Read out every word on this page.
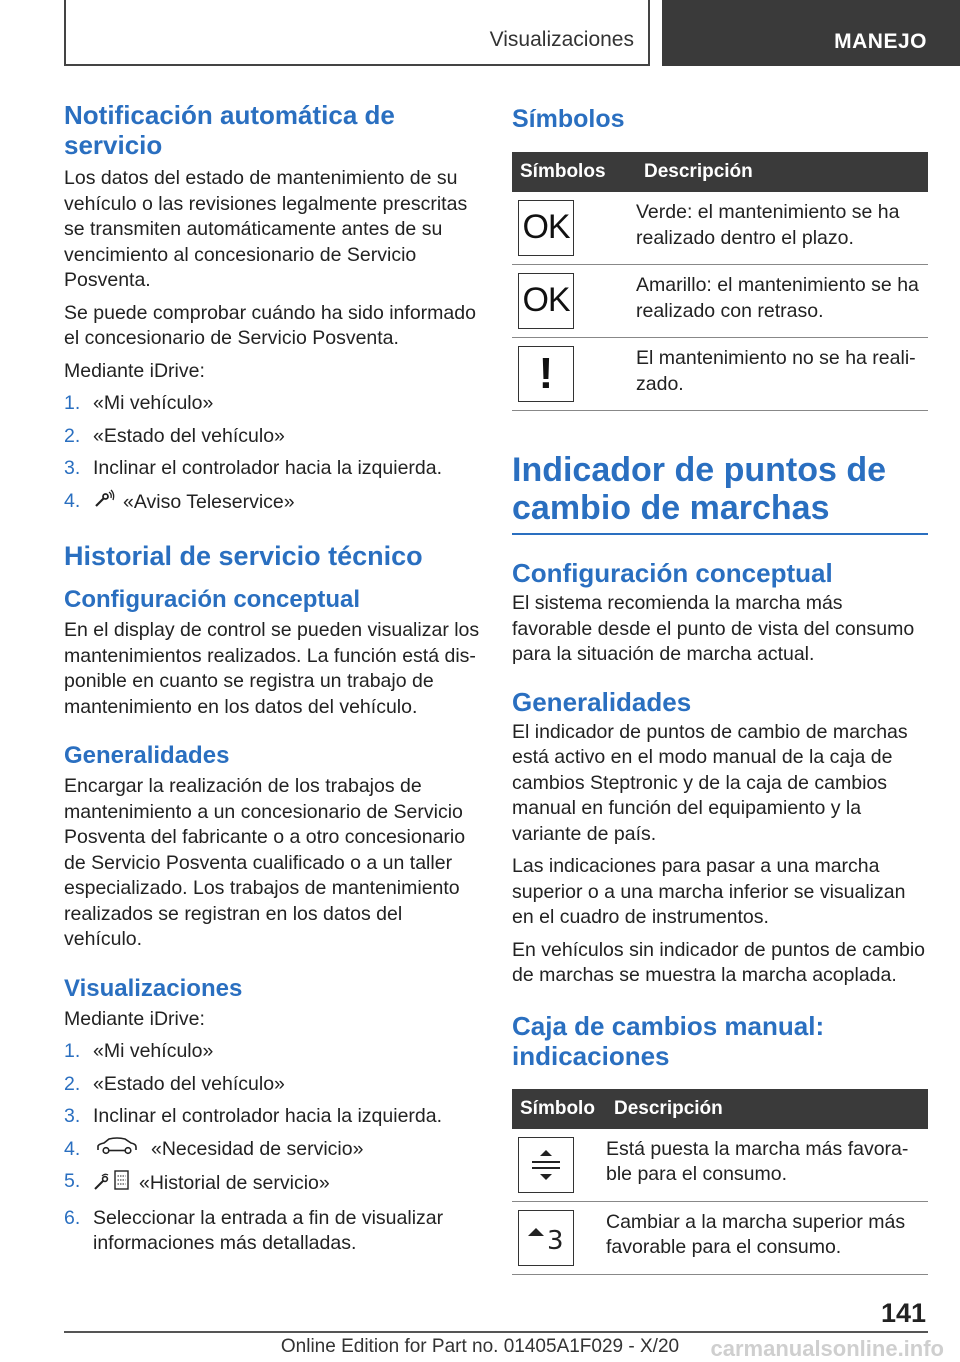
Visualizaciones	MANEJO
Notificación automática de servicio

Los datos del estado de mantenimiento de su vehículo o las revisiones legalmente prescritas se transmiten automáticamente antes de su vencimiento al concesionario de Servicio Posventa.

Se puede comprobar cuándo ha sido informado el concesionario de Servicio Posventa.

Mediante iDrive:

1. «Mi vehículo»
2. «Estado del vehículo»
3. Inclinar el controlador hacia la izquierda.
4. «Aviso Teleservice»
Historial de servicio técnico
Configuración conceptual

En el display de control se pueden visualizar los mantenimientos realizados. La función está disponible en cuanto se registra un trabajo de mantenimiento en los datos del vehículo.

Generalidades

Encargar la realización de los trabajos de mantenimiento a un concesionario de Servicio Posventa del fabricante o a otro concesionario de Servicio Posventa cualificado o a un taller especializado. Los trabajos de mantenimiento realizados se registran en los datos del vehículo.

Visualizaciones

Mediante iDrive:

1. «Mi vehículo»
2. «Estado del vehículo»
3. Inclinar el controlador hacia la izquierda.
4.	«Necesidad de servicio»
5.	«Historial de servicio»
6. Seleccionar la entrada a fin de visualizar informaciones más detalladas.
Símbolos
Símbolos	Descripción

OK	Verde: el mantenimiento se ha realizado dentro el plazo.

OK	Amarillo: el mantenimiento se ha realizado con retraso.

!	El mantenimiento no se ha realizado.
Indicador de puntos de cambio de marchas
Configuración conceptual

El sistema recomienda la marcha más favorable desde el punto de vista del consumo para la situación de marcha actual.

Generalidades

El indicador de puntos de cambio de marchas está activo en el modo manual de la caja de cambios Steptronic y de la caja de cambios manual en función del equipamiento y la variante de país.

Las indicaciones para pasar a una marcha superior o a una marcha inferior se visualizan en el cuadro de instrumentos.

En vehículos sin indicador de puntos de cambio de marchas se muestra la marcha acoplada.

Caja de cambios manual: indicaciones
Símbolo	Descripción

	Está puesta la marcha más favorable para el consumo.

3	Cambiar a la marcha superior más favorable para el consumo.
141
Online Edition for Part no. 01405A1F029 - X/20	carmanualsonline.info
